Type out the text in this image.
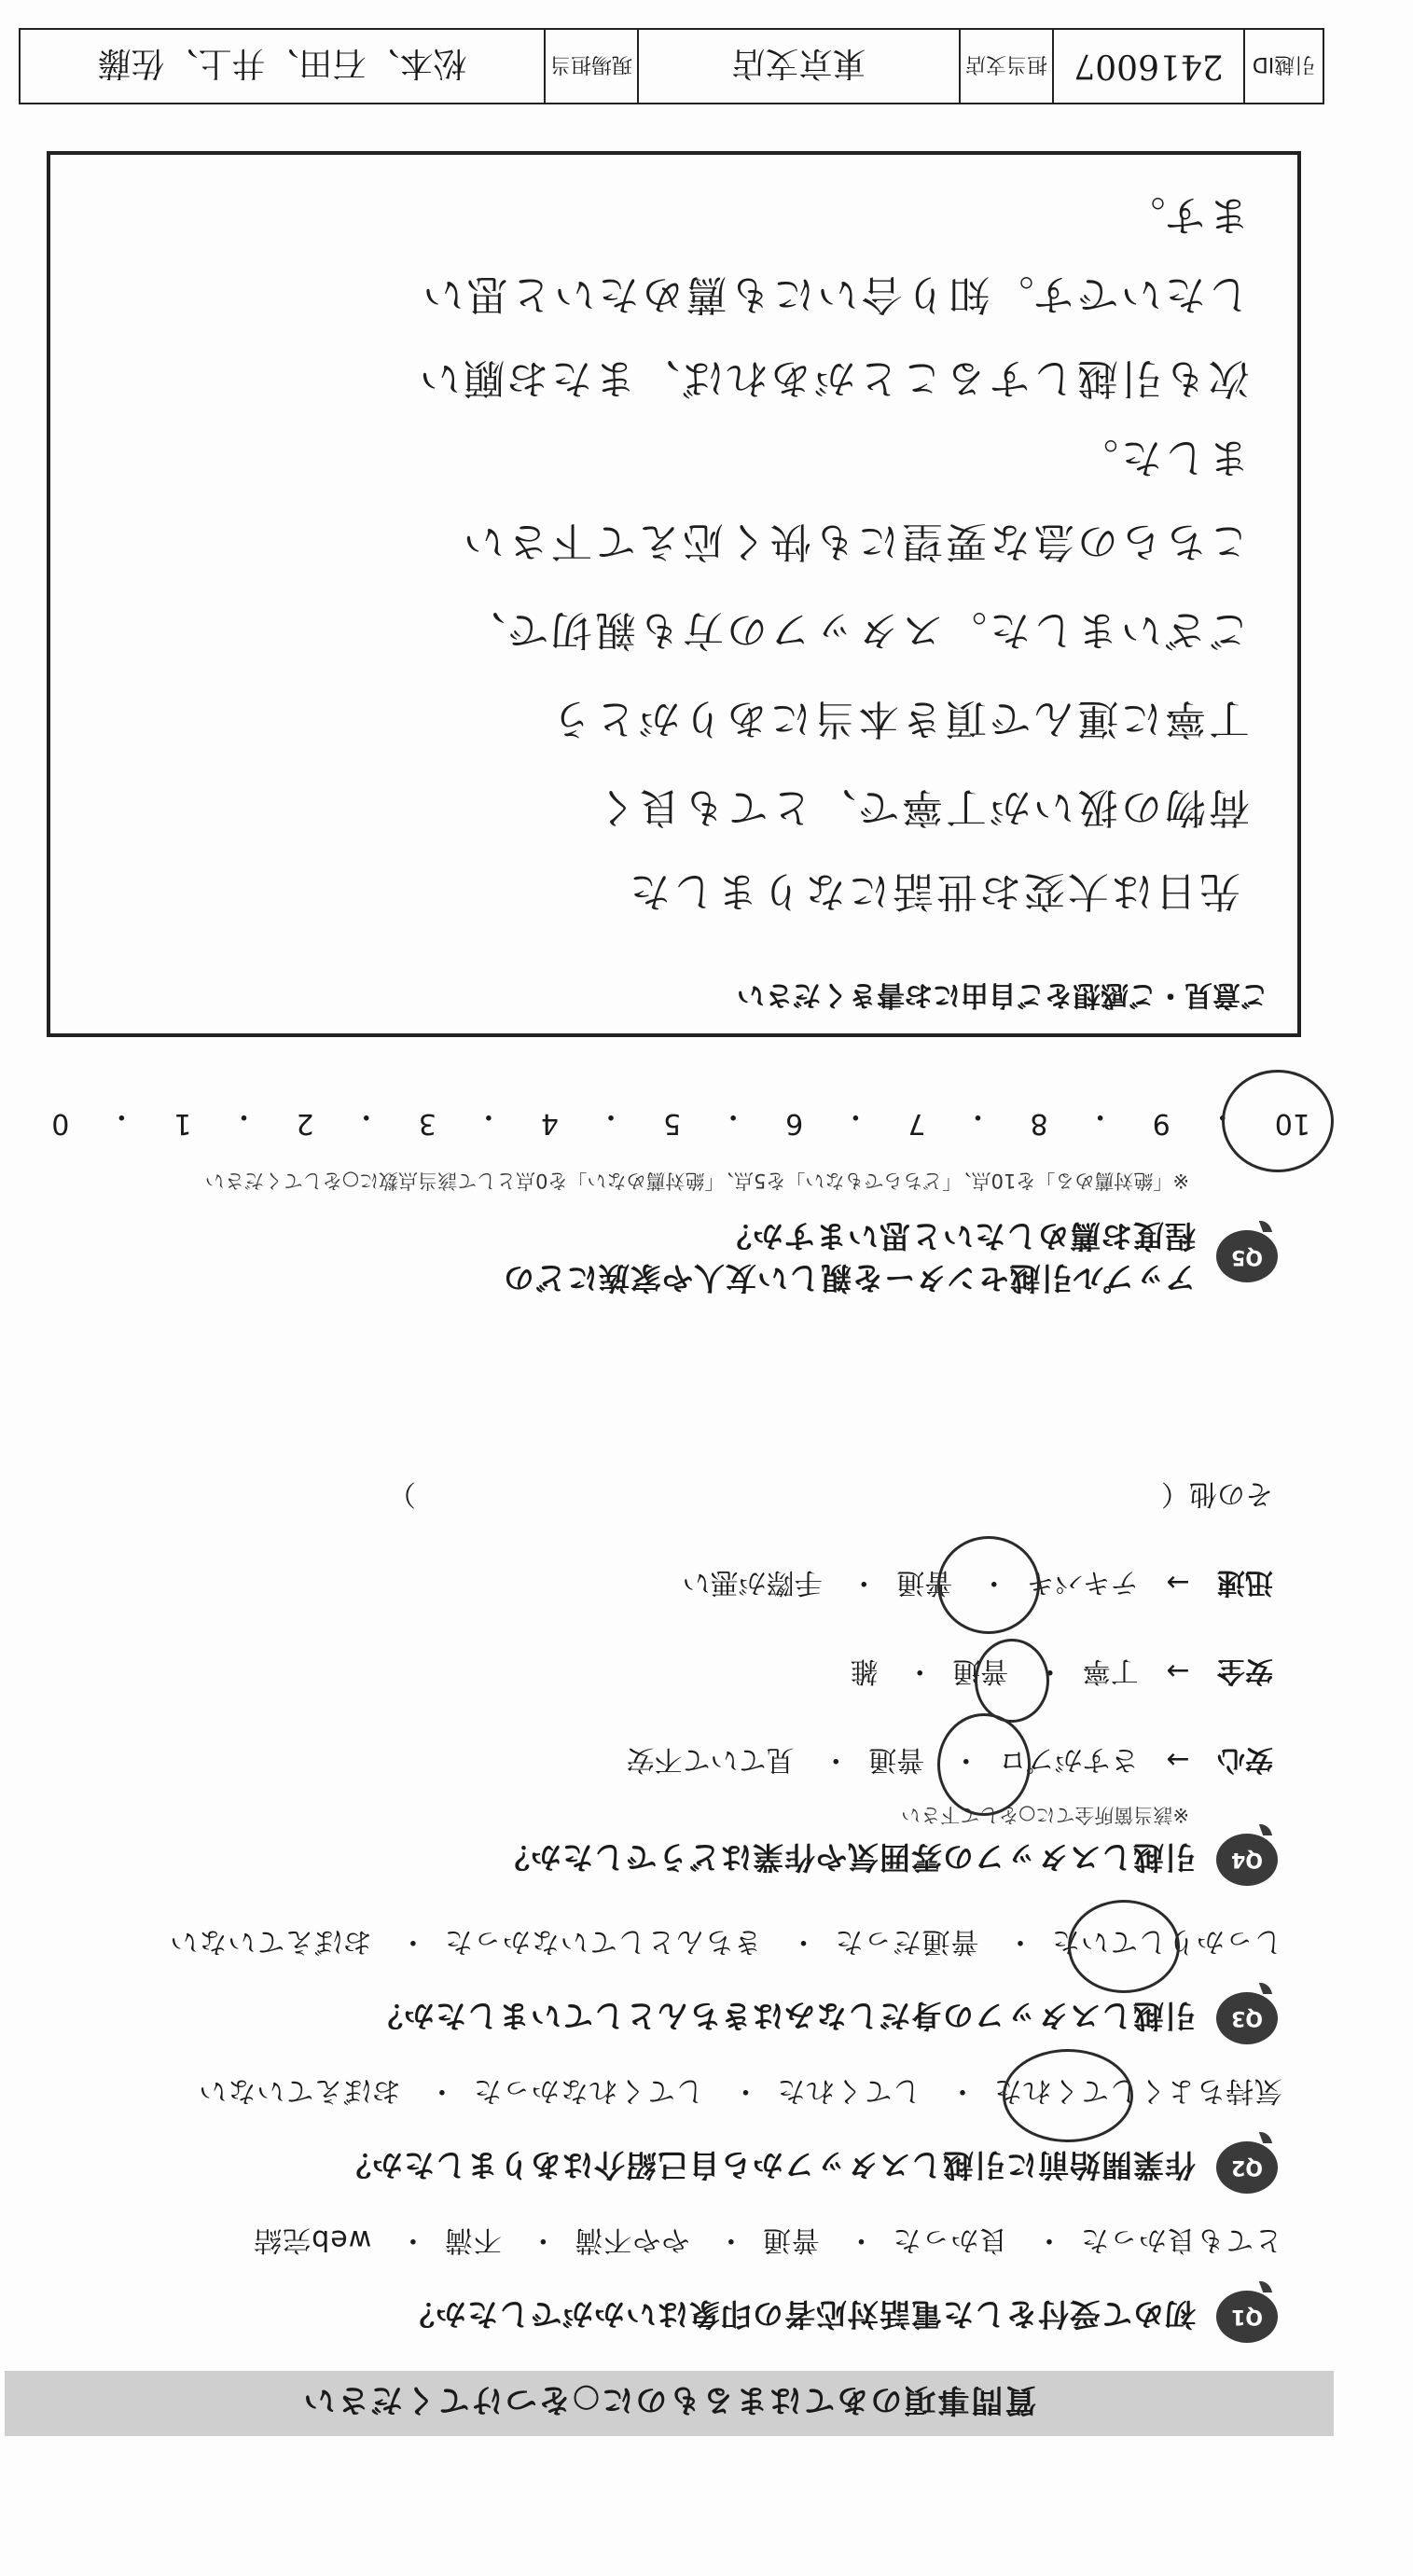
質問事項のあてはまるものに○をつけてください
Q1
初めて受付をした電話対応者の印象はいかがでしたか？
とても良かった・ 良かった・ 普通・ やや不満・ 不満・ web完結
Q2
作業開始前に引越しスタッフから自己紹介はありましたか？
気持ちよくしてくれた・ してくれた・ してくれなかった・ おぼえていない
Q3
引越しスタッフの身だしなみはきちんとしていましたか？
しっかりしていた・ 普通だった・ きちんとしていなかった・ おぼえていない
Q4
引越しスタッフの雰囲気や作業はどうでしたか？
※該当箇所全てに○をして下さい
安心 → さすがプロ・ 普通・ 見ていて不安
安全 → 丁寧・ 普通・ 雑
迅速 → テキパキ・ 普通・ 手際が悪い
その他（  ）
Q5
アップル引越センターを親しい友人や家族にどの程度お薦めしたいと思いますか？
※「絶対薦める」を10点、「どちらでもない」を5点、「絶対薦めない」を0点として該当点数に○をしてください
10
・
9
・
8
・
7
・
6
・
5
・
4
・
3
・
2
・
1
・
0
ご意見・ご感想をご自由にお書きください
先日は大変お世話になりました
荷物の扱いが丁寧で、とても良く
丁寧に運んで頂き本当にありがとう
ございました。スタッフの方も親切で、
こちらの急な要望にも快く応えて下さい
ました。
次も引越しすることがあれば、またお願い
したいです。知り合いにも薦めたいと思い
ます。
引越ID
2416007
担当支店
東京支店
現場担当
松本、石田、井上、佐藤
